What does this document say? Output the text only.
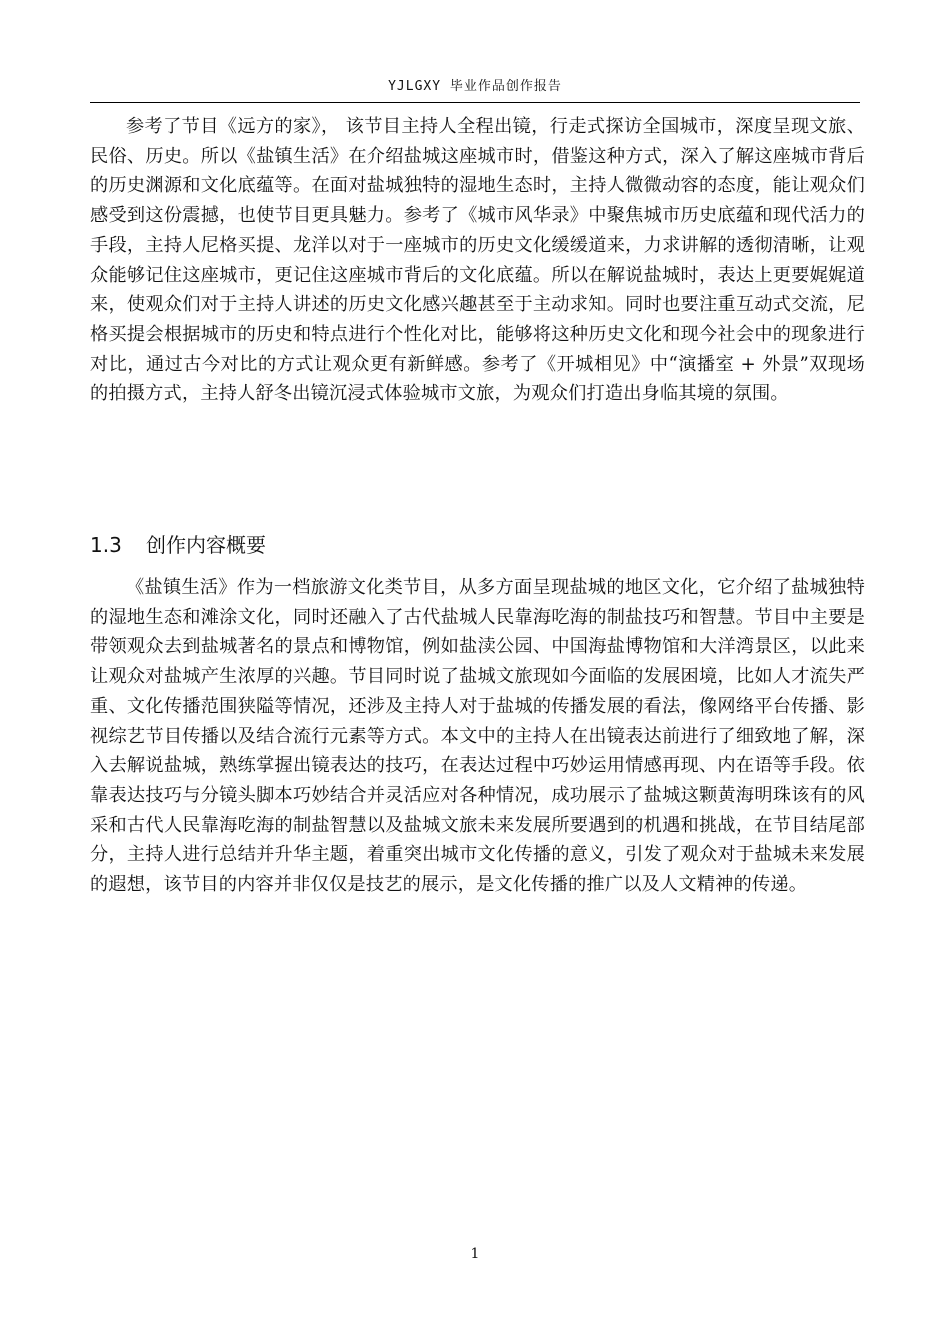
YJLGXY 毕业作品创作报告

参考了节目《远方的家》， 该节目主持人全程出镜，行走式探访全国城市，深度呈现文旅、民俗、历史。所以《盐镇生活》在介绍盐城这座城市时，借鉴这种方式，深入了解这座城市背后的历史渊源和文化底蕴等。在面对盐城独特的湿地生态时，主持人微微动容的态度，能让观众们感受到这份震撼，也使节目更具魅力。参考了《城市风华录》中聚焦城市历史底蕴和现代活力的手段，主持人尼格买提、龙洋以对于一座城市的历史文化缓缓道来，力求讲解的透彻清晰，让观众能够记住这座城市，更记住这座城市背后的文化底蕴。所以在解说盐城时，表达上更要娓娓道来，使观众们对于主持人讲述的历史文化感兴趣甚至于主动求知。同时也要注重互动式交流，尼格买提会根据城市的历史和特点进行个性化对比，能够将这种历史文化和现今社会中的现象进行对比，通过古今对比的方式让观众更有新鲜感。参考了《开城相见》中“演播室 + 外景”双现场的拍摄方式，主持人舒冬出镜沉浸式体验城市文旅，为观众们打造出身临其境的氛围。

1.3 创作内容概要

《盐镇生活》作为一档旅游文化类节目，从多方面呈现盐城的地区文化，它介绍了盐城独特的湿地生态和滩涂文化，同时还融入了古代盐城人民靠海吃海的制盐技巧和智慧。节目中主要是带领观众去到盐城著名的景点和博物馆，例如盐渎公园、中国海盐博物馆和大洋湾景区，以此来让观众对盐城产生浓厚的兴趣。节目同时说了盐城文旅现如今面临的发展困境，比如人才流失严重、文化传播范围狭隘等情况，还涉及主持人对于盐城的传播发展的看法，像网络平台传播、影视综艺节目传播以及结合流行元素等方式。本文中的主持人在出镜表达前进行了细致地了解，深入去解说盐城，熟练掌握出镜表达的技巧，在表达过程中巧妙运用情感再现、内在语等手段。依靠表达技巧与分镜头脚本巧妙结合并灵活应对各种情况，成功展示了盐城这颗黄海明珠该有的风采和古代人民靠海吃海的制盐智慧以及盐城文旅未来发展所要遇到的机遇和挑战，在节目结尾部分，主持人进行总结并升华主题，着重突出城市文化传播的意义，引发了观众对于盐城未来发展的遐想，该节目的内容并非仅仅是技艺的展示，是文化传播的推广以及人文精神的传递。

1
